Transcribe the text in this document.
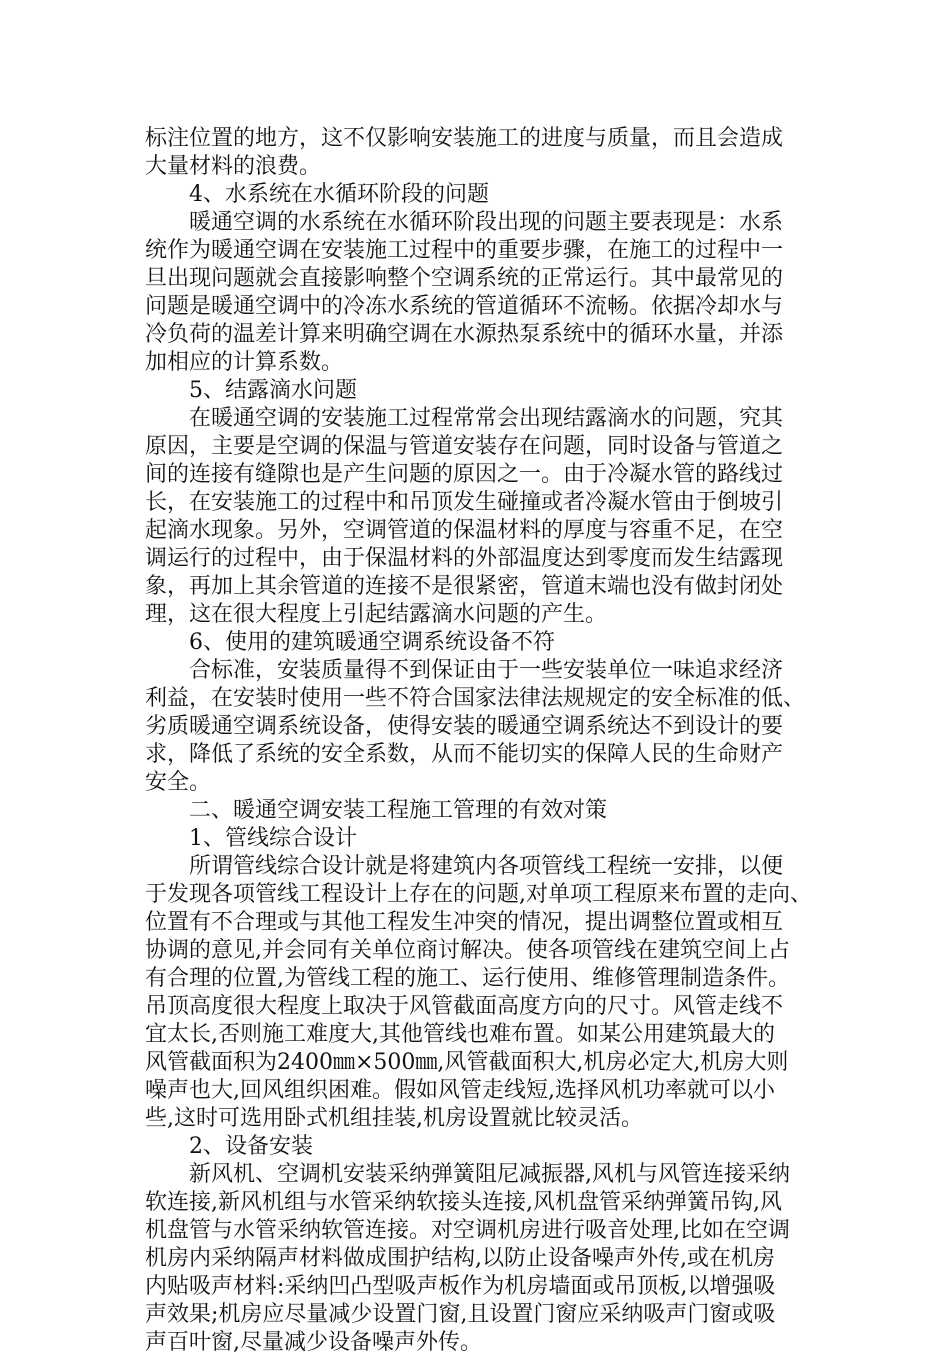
标注位置的地方，这不仅影响安装施工的进度与质量，而且会造成

大量材料的浪费。

4、水系统在水循环阶段的问题

暖通空调的水系统在水循环阶段出现的问题主要表现是：水系

统作为暖通空调在安装施工过程中的重要步骤，在施工的过程中一

旦出现问题就会直接影响整个空调系统的正常运行。其中最常见的

问题是暖通空调中的冷冻水系统的管道循环不流畅。依据冷却水与

冷负荷的温差计算来明确空调在水源热泵系统中的循环水量，并添

加相应的计算系数。

5、结露滴水问题

在暖通空调的安装施工过程常常会出现结露滴水的问题，究其

原因，主要是空调的保温与管道安装存在问题，同时设备与管道之

间的连接有缝隙也是产生问题的原因之一。由于冷凝水管的路线过

长，在安装施工的过程中和吊顶发生碰撞或者冷凝水管由于倒坡引

起滴水现象。另外，空调管道的保温材料的厚度与容重不足，在空

调运行的过程中，由于保温材料的外部温度达到零度而发生结露现

象，再加上其余管道的连接不是很紧密，管道末端也没有做封闭处

理，这在很大程度上引起结露滴水问题的产生。

6、使用的建筑暖通空调系统设备不符

合标准，安装质量得不到保证由于一些安装单位一味追求经济

利益，在安装时使用一些不符合国家法律法规规定的安全标准的低、

劣质暖通空调系统设备，使得安装的暖通空调系统达不到设计的要

求，降低了系统的安全系数，从而不能切实的保障人民的生命财产

安全。

二、暖通空调安装工程施工管理的有效对策

1、管线综合设计

所谓管线综合设计就是将建筑内各项管线工程统一安排，以便

于发现各项管线工程设计上存在的问题,对单项工程原来布置的走向、

位置有不合理或与其他工程发生冲突的情况，提出调整位置或相互

协调的意见,并会同有关单位商讨解决。使各项管线在建筑空间上占

有合理的位置,为管线工程的施工、运行使用、维修管理制造条件。

吊顶高度很大程度上取决于风管截面高度方向的尺寸。风管走线不

宜太长,否则施工难度大,其他管线也难布置。如某公用建筑最大的

风管截面积为2400㎜×500㎜,风管截面积大,机房必定大,机房大则

噪声也大,回风组织困难。假如风管走线短,选择风机功率就可以小

些,这时可选用卧式机组挂装,机房设置就比较灵活。

2、设备安装

新风机、空调机安装采纳弹簧阻尼减振器,风机与风管连接采纳

软连接,新风机组与水管采纳软接头连接,风机盘管采纳弹簧吊钩,风

机盘管与水管采纳软管连接。对空调机房进行吸音处理,比如在空调

机房内采纳隔声材料做成围护结构,以防止设备噪声外传,或在机房

内贴吸声材料:采纳凹凸型吸声板作为机房墙面或吊顶板,以增强吸

声效果;机房应尽量减少设置门窗,且设置门窗应采纳吸声门窗或吸

声百叶窗,尽量减少设备噪声外传。
